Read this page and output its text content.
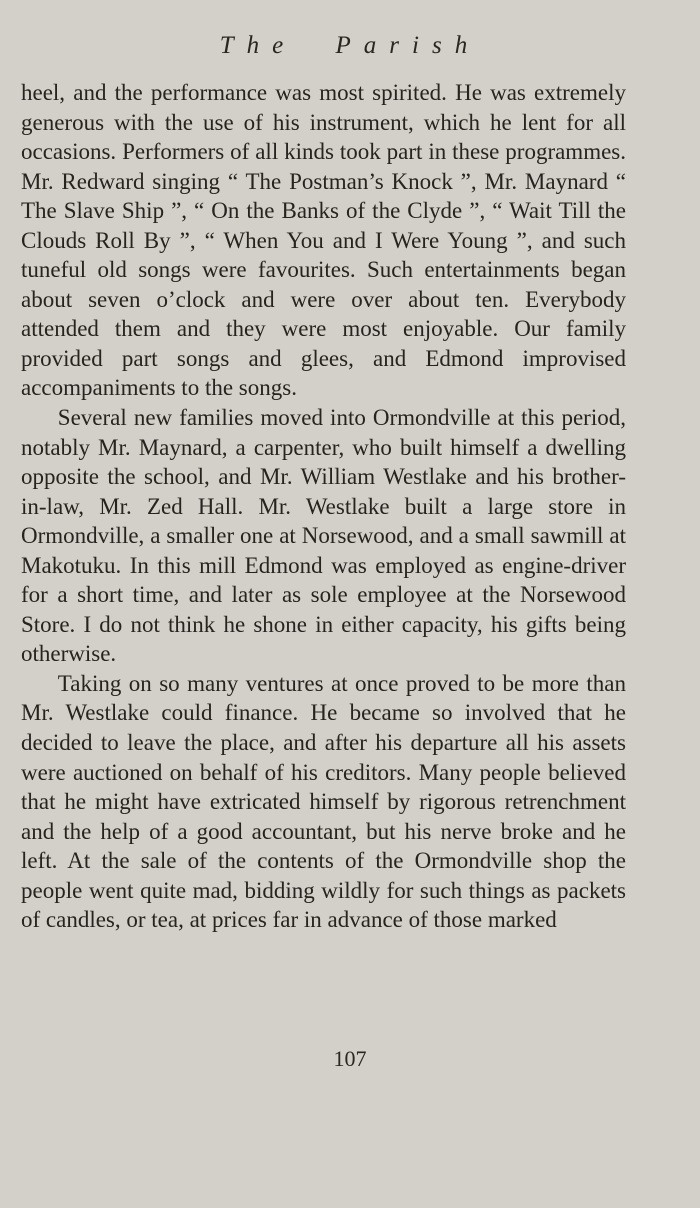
The Parish

heel, and the performance was most spirited. He was extremely generous with the use of his instrument, which he lent for all occasions. Performers of all kinds took part in these programmes. Mr. Redward singing “ The Postman’s Knock ”, Mr. Maynard “ The Slave Ship ”, “ On the Banks of the Clyde ”, “ Wait Till the Clouds Roll By ”, “ When You and I Were Young ”, and such tuneful old songs were favourites. Such entertainments began about seven o’clock and were over about ten. Everybody attended them and they were most enjoyable. Our family provided part songs and glees, and Edmond improvised accompaniments to the songs.

Several new families moved into Ormondville at this period, notably Mr. Maynard, a carpenter, who built himself a dwelling opposite the school, and Mr. William Westlake and his brother-in-law, Mr. Zed Hall. Mr. Westlake built a large store in Ormondville, a smaller one at Norsewood, and a small sawmill at Makotuku. In this mill Edmond was employed as engine-driver for a short time, and later as sole employee at the Norsewood Store. I do not think he shone in either capacity, his gifts being otherwise.

Taking on so many ventures at once proved to be more than Mr. Westlake could finance. He became so involved that he decided to leave the place, and after his departure all his assets were auctioned on behalf of his creditors. Many people believed that he might have extricated himself by rigorous retrenchment and the help of a good accountant, but his nerve broke and he left. At the sale of the contents of the Ormondville shop the people went quite mad, bidding wildly for such things as packets of candles, or tea, at prices far in advance of those marked

107
